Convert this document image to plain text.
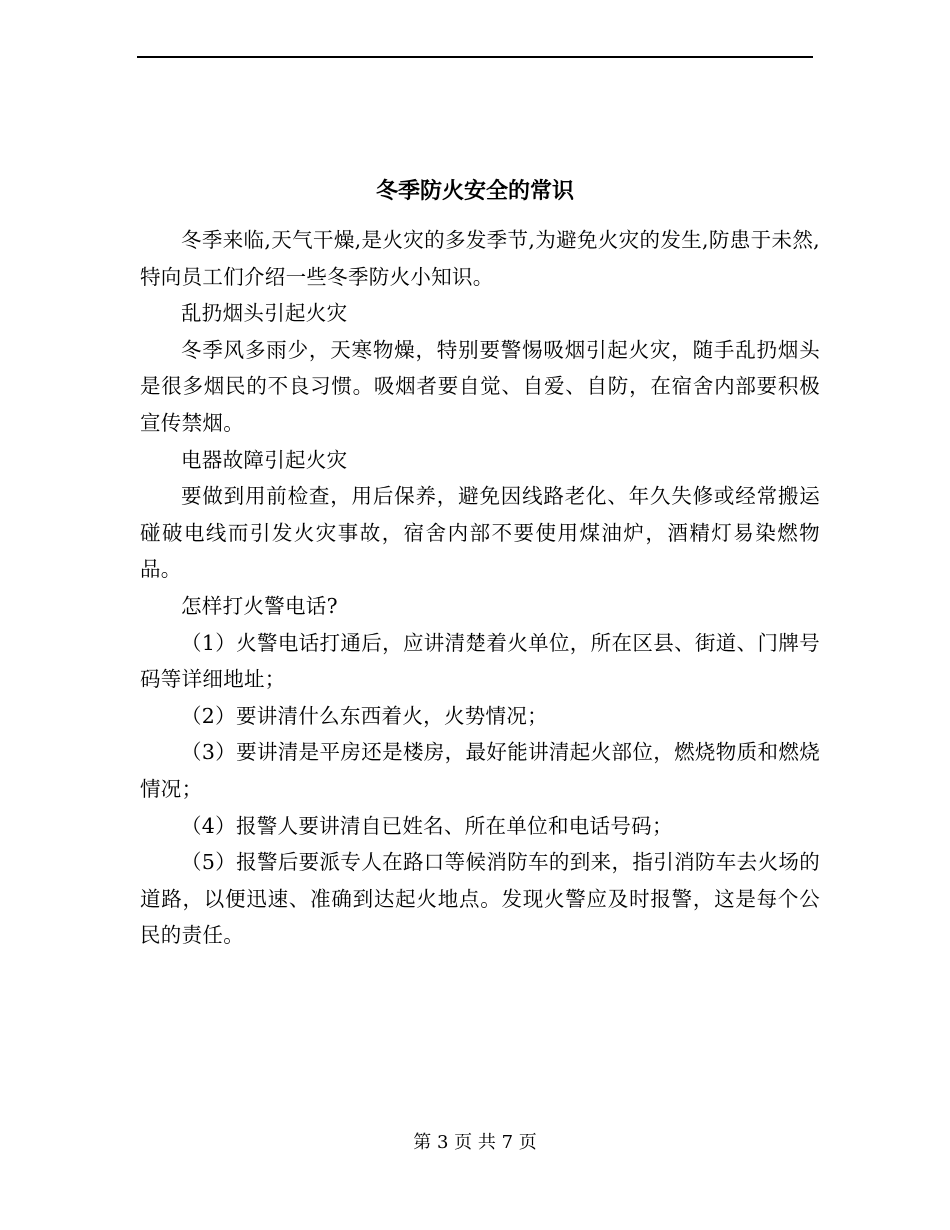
冬季防火安全的常识

冬季来临,天气干燥,是火灾的多发季节,为避免火灾的发生,防患于未然,特向员工们介绍一些冬季防火小知识。

乱扔烟头引起火灾

冬季风多雨少，天寒物燥，特别要警惕吸烟引起火灾，随手乱扔烟头是很多烟民的不良习惯。吸烟者要自觉、自爱、自防，在宿舍内部要积极宣传禁烟。

电器故障引起火灾

要做到用前检查，用后保养，避免因线路老化、年久失修或经常搬运碰破电线而引发火灾事故，宿舍内部不要使用煤油炉，酒精灯易染燃物品。

怎样打火警电话?

（1）火警电话打通后，应讲清楚着火单位，所在区县、街道、门牌号码等详细地址；

（2）要讲清什么东西着火，火势情况；

（3）要讲清是平房还是楼房，最好能讲清起火部位，燃烧物质和燃烧情况；

（4）报警人要讲清自已姓名、所在单位和电话号码；

（5）报警后要派专人在路口等候消防车的到来，指引消防车去火场的道路，以便迅速、准确到达起火地点。发现火警应及时报警，这是每个公民的责任。

第 3 页 共 7 页
